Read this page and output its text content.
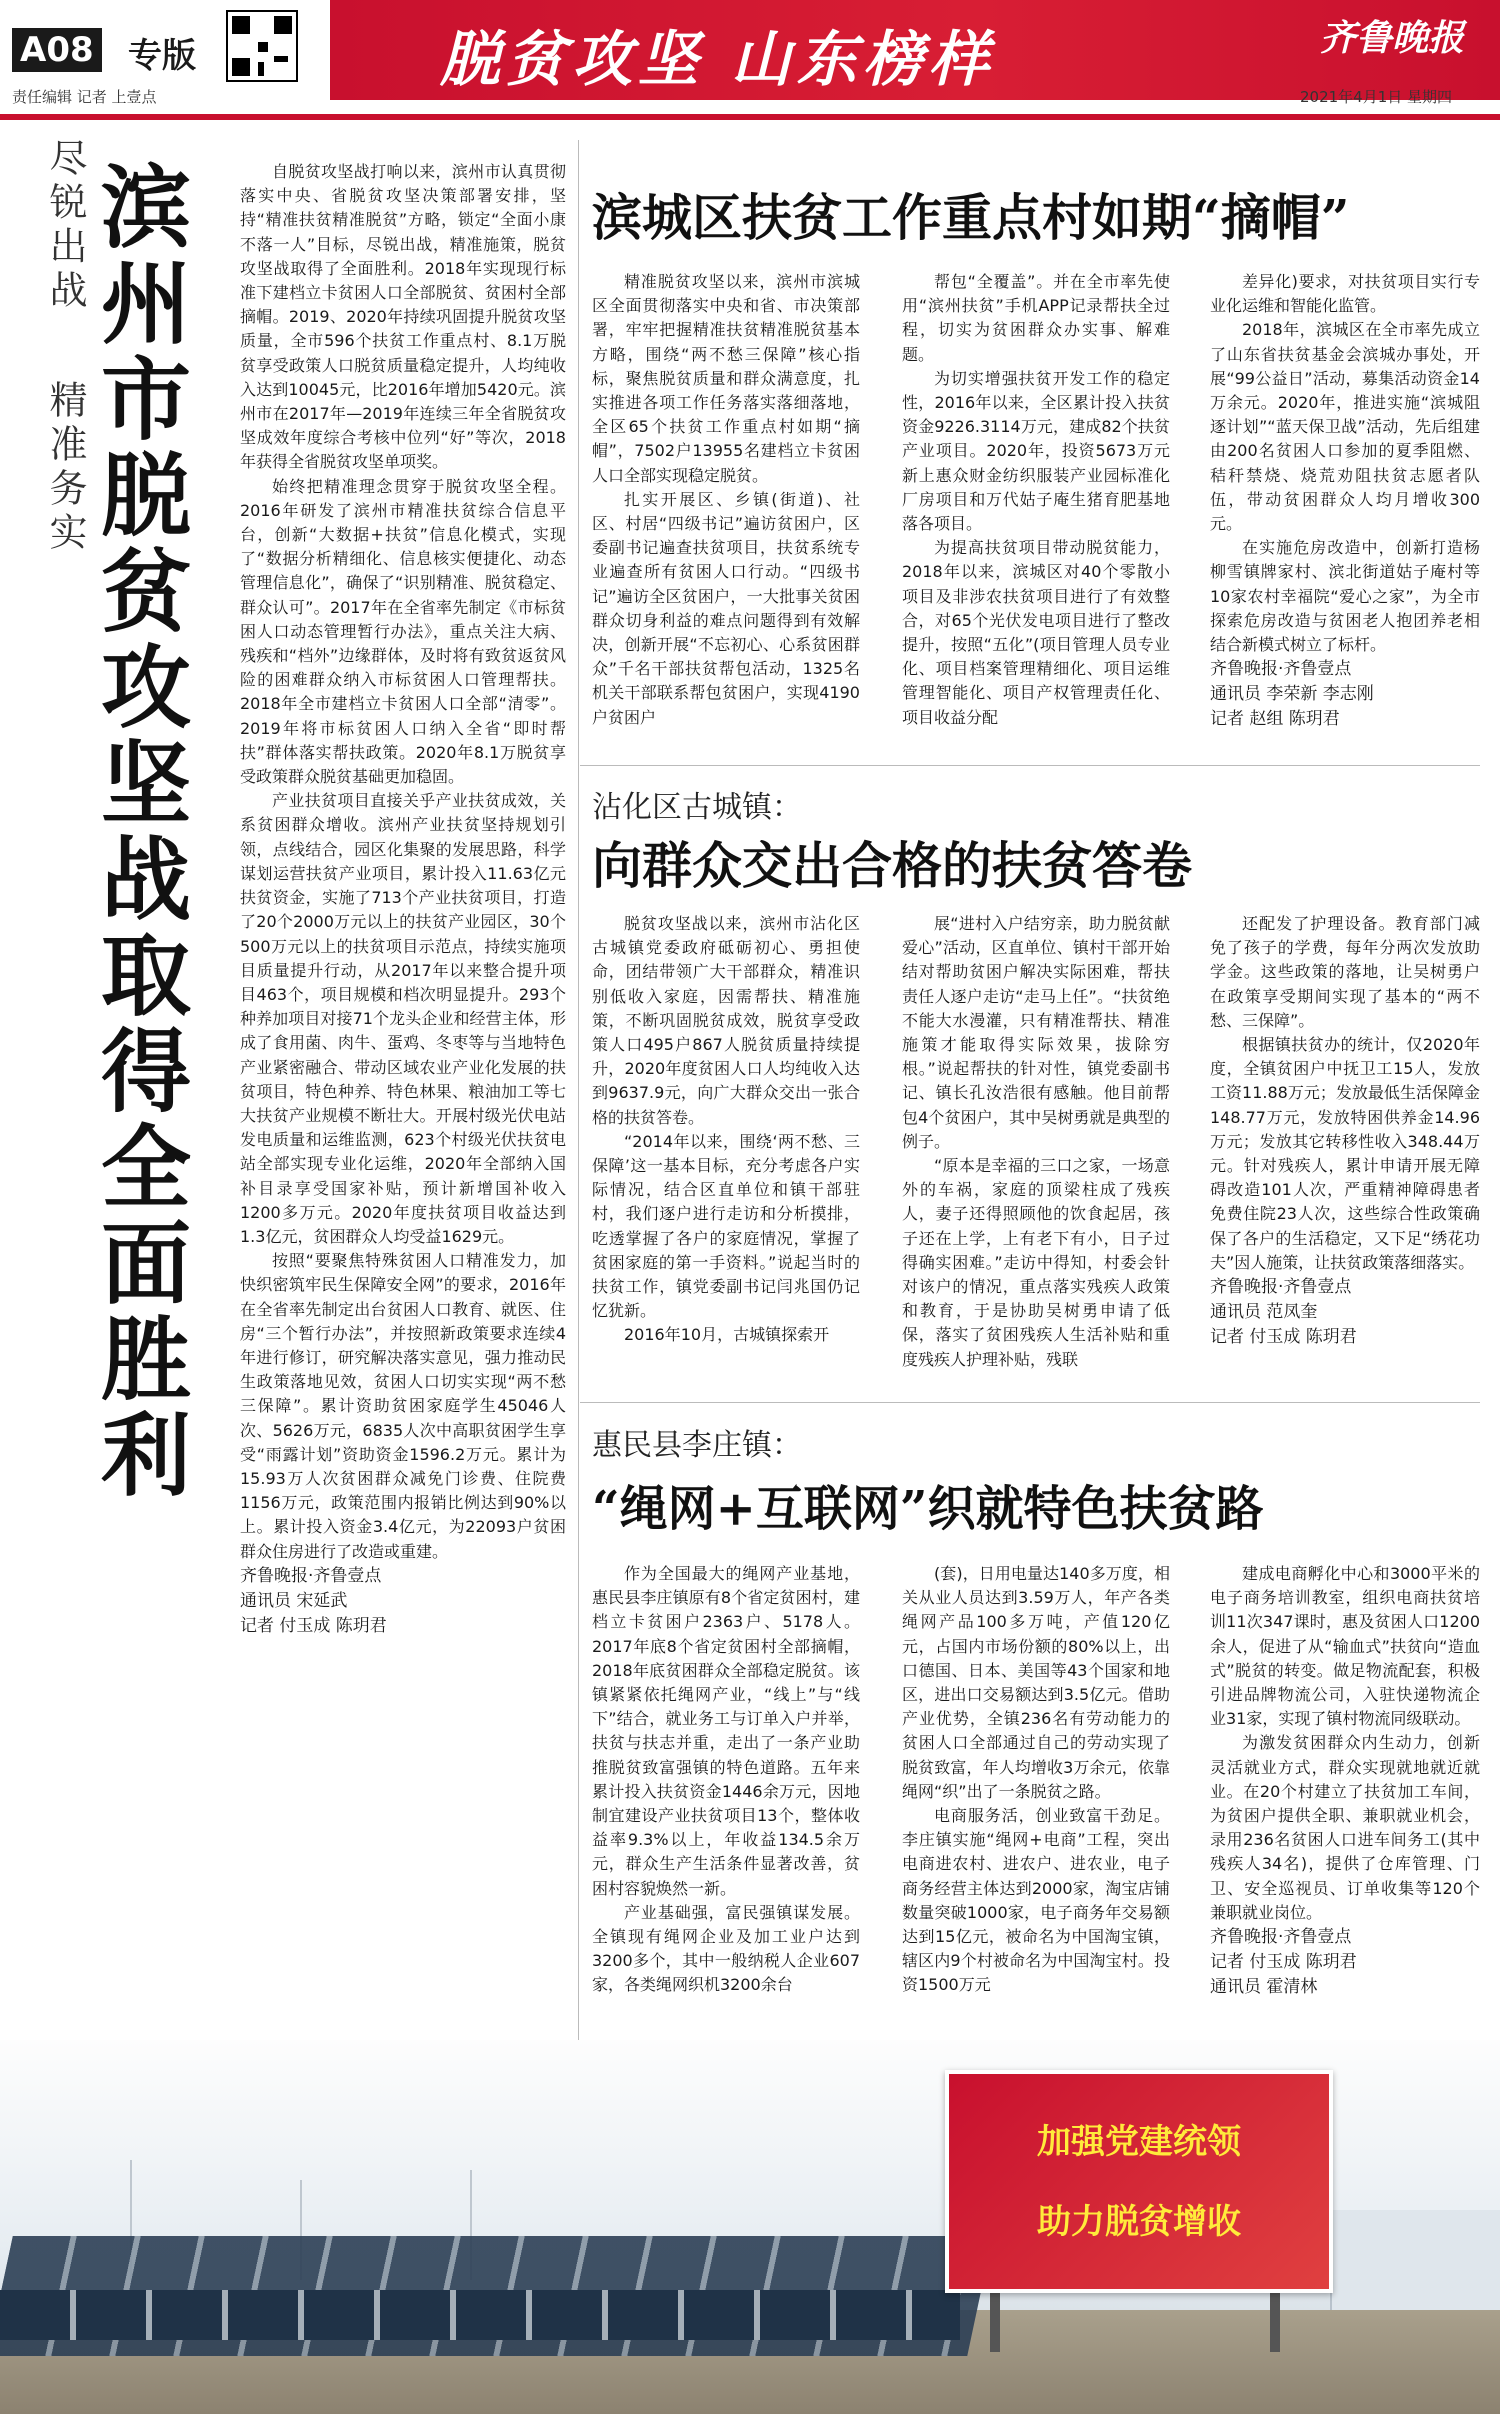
A08 专版
责任编辑 记者 上壹点
脱贫攻坚 山东榜样	齐鲁晚报
2021年4月1日 星期四
尽锐出战
精准务实
滨州市脱贫攻坚战取得全面胜利	自脱贫攻坚战打响以来，滨州市认真贯彻落实中央、省脱贫攻坚决策部署安排，坚持“精准扶贫精准脱贫”方略，锁定“全面小康不落一人”目标，尽锐出战，精准施策，脱贫攻坚战取得了全面胜利。2018年实现现行标准下建档立卡贫困人口全部脱贫、贫困村全部摘帽。2019、2020年持续巩固提升脱贫攻坚质量，全市596个扶贫工作重点村、8.1万脱贫享受政策人口脱贫质量稳定提升，人均纯收入达到10045元，比2016年增加5420元。滨州市在2017年—2019年连续三年全省脱贫攻坚成效年度综合考核中位列“好”等次，2018年获得全省脱贫攻坚单项奖。

始终把精准理念贯穿于脱贫攻坚全程。2016年研发了滨州市精准扶贫综合信息平台，创新“大数据+扶贫”信息化模式，实现了“数据分析精细化、信息核实便捷化、动态管理信息化”，确保了“识别精准、脱贫稳定、群众认可”。2017年在全省率先制定《市标贫困人口动态管理暂行办法》，重点关注大病、残疾和“档外”边缘群体，及时将有致贫返贫风险的困难群众纳入市标贫困人口管理帮扶。2018年全市建档立卡贫困人口全部“清零”。2019年将市标贫困人口纳入全省“即时帮扶”群体落实帮扶政策。2020年8.1万脱贫享受政策群众脱贫基础更加稳固。

产业扶贫项目直接关乎产业扶贫成效，关系贫困群众增收。滨州产业扶贫坚持规划引领，点线结合，园区化集聚的发展思路，科学谋划运营扶贫产业项目，累计投入11.63亿元扶贫资金，实施了713个产业扶贫项目，打造了20个2000万元以上的扶贫产业园区，30个500万元以上的扶贫项目示范点，持续实施项目质量提升行动，从2017年以来整合提升项目463个，项目规模和档次明显提升。293个种养加项目对接71个龙头企业和经营主体，形成了食用菌、肉牛、蛋鸡、冬枣等与当地特色产业紧密融合、带动区域农业产业化发展的扶贫项目，特色种养、特色林果、粮油加工等七大扶贫产业规模不断壮大。开展村级光伏电站发电质量和运维监测，623个村级光伏扶贫电站全部实现专业化运维，2020年全部纳入国补目录享受国家补贴，预计新增国补收入1200多万元。2020年度扶贫项目收益达到1.3亿元，贫困群众人均受益1629元。

按照“要聚焦特殊贫困人口精准发力，加快织密筑牢民生保障安全网”的要求，2016年在全省率先制定出台贫困人口教育、就医、住房“三个暂行办法”，并按照新政策要求连续4年进行修订，研究解决落实意见，强力推动民生政策落地见效，贫困人口切实实现“两不愁三保障”。累计资助贫困家庭学生45046人次、5626万元，6835人次中高职贫困学生享受“雨露计划”资助资金1596.2万元。累计为15.93万人次贫困群众减免门诊费、住院费1156万元，政策范围内报销比例达到90%以上。累计投入资金3.4亿元，为22093户贫困群众住房进行了改造或重建。

齐鲁晚报·齐鲁壹点

通讯员 宋延武

记者 付玉成 陈玥君

滨城区扶贫工作重点村如期“摘帽”

精准脱贫攻坚以来，滨州市滨城区全面贯彻落实中央和省、市决策部署，牢牢把握精准扶贫精准脱贫基本方略，围绕“两不愁三保障”核心指标，聚焦脱贫质量和群众满意度，扎实推进各项工作任务落实落细落地，全区65个扶贫工作重点村如期“摘帽”，7502户13955名建档立卡贫困人口全部实现稳定脱贫。

扎实开展区、乡镇(街道)、社区、村居“四级书记”遍访贫困户，区委副书记遍查扶贫项目，扶贫系统专业遍查所有贫困人口行动。“四级书记”遍访全区贫困户，一大批事关贫困群众切身利益的难点问题得到有效解决，创新开展“不忘初心、心系贫困群众”千名干部扶贫帮包活动，1325名机关干部联系帮包贫困户，实现4190户贫困户

帮包“全覆盖”。并在全市率先使用“滨州扶贫”手机APP记录帮扶全过程，切实为贫困群众办实事、解难题。

为切实增强扶贫开发工作的稳定性，2016年以来，全区累计投入扶贫资金9226.3114万元，建成82个扶贫产业项目。2020年，投资5673万元新上惠众财金纺织服装产业园标准化厂房项目和万代姑子庵生猪育肥基地落各项目。

为提高扶贫项目带动脱贫能力，2018年以来，滨城区对40个零散小项目及非涉农扶贫项目进行了有效整合，对65个光伏发电项目进行了整改提升，按照“五化”(项目管理人员专业化、项目档案管理精细化、项目运维管理智能化、项目产权管理责任化、项目收益分配

差异化)要求，对扶贫项目实行专业化运维和智能化监管。

2018年，滨城区在全市率先成立了山东省扶贫基金会滨城办事处，开展“99公益日”活动，募集活动资金14万余元。2020年，推进实施“滨城阻逐计划”“蓝天保卫战”活动，先后组建由200名贫困人口参加的夏季阻燃、秸秆禁烧、烧荒劝阻扶贫志愿者队伍，带动贫困群众人均月增收300元。

在实施危房改造中，创新打造杨柳雪镇牌家村、滨北街道姑子庵村等10家农村幸福院“爱心之家”，为全市探索危房改造与贫困老人抱团养老相结合新模式树立了标杆。

齐鲁晚报·齐鲁壹点

通讯员 李荣新 李志刚

记者 赵组 陈玥君

沾化区古城镇：
向群众交出合格的扶贫答卷

脱贫攻坚战以来，滨州市沾化区古城镇党委政府砥砺初心、勇担使命，团结带领广大干部群众，精准识别低收入家庭，因需帮扶、精准施策，不断巩固脱贫成效，脱贫享受政策人口495户867人脱贫质量持续提升，2020年度贫困人口人均纯收入达到9637.9元，向广大群众交出一张合格的扶贫答卷。

“2014年以来，围绕‘两不愁、三保障’这一基本目标，充分考虑各户实际情况，结合区直单位和镇干部驻村，我们逐户进行走访和分析摸排，吃透掌握了各户的家庭情况，掌握了贫困家庭的第一手资料。”说起当时的扶贫工作，镇党委副书记闫兆国仍记忆犹新。

2016年10月，古城镇探索开

展“进村入户结穷亲，助力脱贫献爱心”活动，区直单位、镇村干部开始结对帮助贫困户解决实际困难，帮扶责任人逐户走访“走马上任”。“扶贫绝不能大水漫灌，只有精准帮扶、精准施策才能取得实际效果，拔除穷根。”说起帮扶的针对性，镇党委副书记、镇长孔汝浩很有感触。他目前帮包4个贫困户，其中吴树勇就是典型的例子。

“原本是幸福的三口之家，一场意外的车祸，家庭的顶梁柱成了残疾人，妻子还得照顾他的饮食起居，孩子还在上学，上有老下有小，日子过得确实困难。”走访中得知，村委会针对该户的情况，重点落实残疾人政策和教育，于是协助吴树勇申请了低保，落实了贫困残疾人生活补贴和重度残疾人护理补贴，残联

还配发了护理设备。教育部门减免了孩子的学费，每年分两次发放助学金。这些政策的落地，让吴树勇户在政策享受期间实现了基本的“两不愁、三保障”。

根据镇扶贫办的统计，仅2020年度，全镇贫困户中抚卫工15人，发放工资11.88万元；发放最低生活保障金148.77万元，发放特困供养金14.96万元；发放其它转移性收入348.44万元。针对残疾人，累计申请开展无障碍改造101人次，严重精神障碍患者免费住院23人次，这些综合性政策确保了各户的生活稳定，又下足“绣花功夫”因人施策，让扶贫政策落细落实。

齐鲁晚报·齐鲁壹点

通讯员 范凤奎

记者 付玉成 陈玥君

惠民县李庄镇：
“绳网+互联网”织就特色扶贫路

作为全国最大的绳网产业基地，惠民县李庄镇原有8个省定贫困村，建档立卡贫困户2363户、5178人。2017年底8个省定贫困村全部摘帽，2018年底贫困群众全部稳定脱贫。该镇紧紧依托绳网产业，“线上”与“线下”结合，就业务工与订单入户并举，扶贫与扶志并重，走出了一条产业助推脱贫致富强镇的特色道路。五年来累计投入扶贫资金1446余万元，因地制宜建设产业扶贫项目13个，整体收益率9.3%以上，年收益134.5余万元，群众生产生活条件显著改善，贫困村容貌焕然一新。

产业基础强，富民强镇谋发展。全镇现有绳网企业及加工业户达到3200多个，其中一般纳税人企业607家，各类绳网织机3200余台

(套)，日用电量达140多万度，相关从业人员达到3.59万人，年产各类绳网产品100多万吨，产值120亿元，占国内市场份额的80%以上，出口德国、日本、美国等43个国家和地区，进出口交易额达到3.5亿元。借助产业优势，全镇236名有劳动能力的贫困人口全部通过自己的劳动实现了脱贫致富，年人均增收3万余元，依靠绳网“织”出了一条脱贫之路。

电商服务活，创业致富干劲足。李庄镇实施“绳网+电商”工程，突出电商进农村、进农户、进农业，电子商务经营主体达到2000家，淘宝店铺数量突破1000家，电子商务年交易额达到15亿元，被命名为中国淘宝镇，辖区内9个村被命名为中国淘宝村。投资1500万元

建成电商孵化中心和3000平米的电子商务培训教室，组织电商扶贫培训11次347课时，惠及贫困人口1200余人，促进了从“输血式”扶贫向“造血式”脱贫的转变。做足物流配套，积极引进品牌物流公司，入驻快递物流企业31家，实现了镇村物流同级联动。

为激发贫困群众内生动力，创新灵活就业方式，群众实现就地就近就业。在20个村建立了扶贫加工车间，为贫困户提供全职、兼职就业机会，录用236名贫困人口进车间务工(其中残疾人34名)，提供了仓库管理、门卫、安全巡视员、订单收集等120个兼职就业岗位。

齐鲁晚报·齐鲁壹点

记者 付玉成 陈玥君

通讯员 霍清林

加强党建统领
助力脱贫增收
